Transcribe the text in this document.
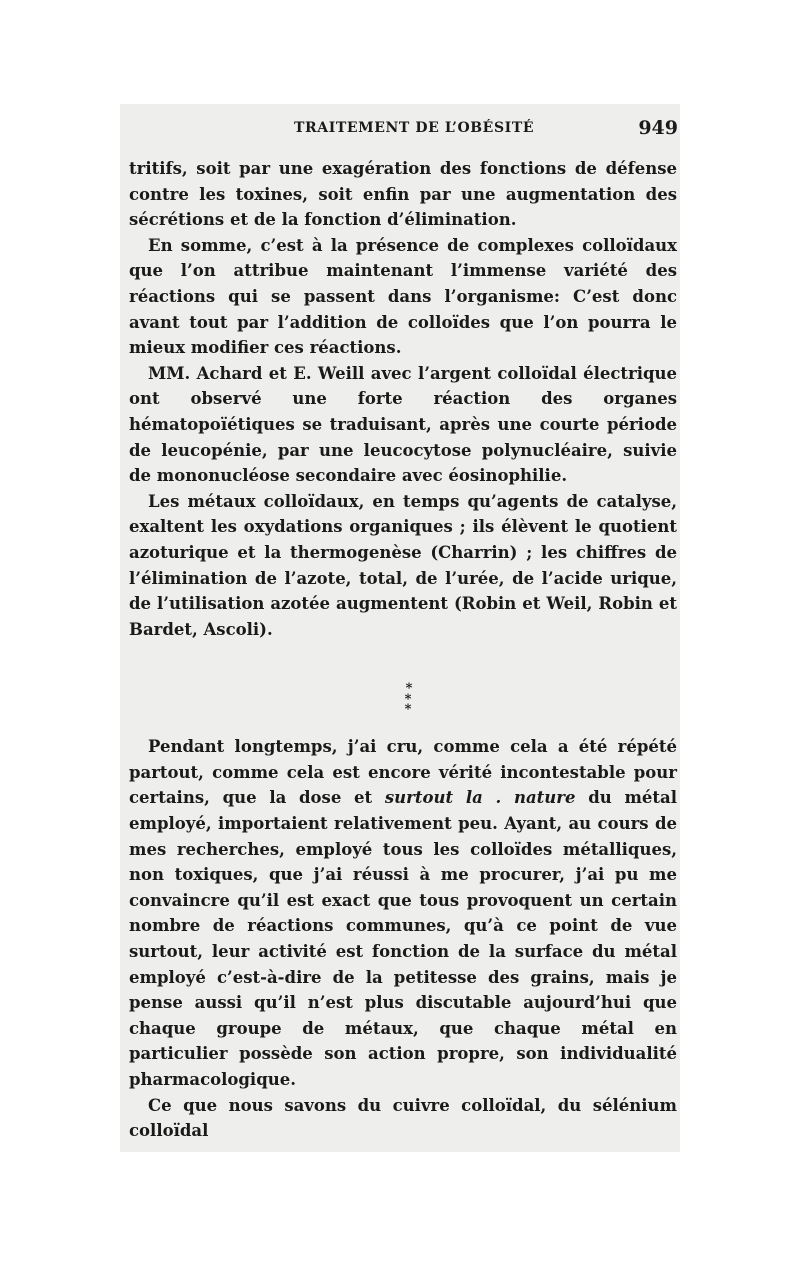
TRAITEMENT DE L’OBÉSITÉ	949

tritifs, soit par une exagération des fonctions de défense contre les toxines, soit enfin par une augmentation des sécrétions et de la fonction d’élimination.

En somme, c’est à la présence de complexes colloïdaux que l’on attribue maintenant l’immense variété des réactions qui se passent dans l’organisme: C’est donc avant tout par l’addition de colloïdes que l’on pourra le mieux modifier ces réactions.

MM. Achard et E. Weill avec l’argent colloïdal électrique ont observé une forte réaction des organes hématopoïétiques se traduisant, après une courte période de leucopénie, par une leucocytose polynucléaire, suivie de mononucléose secondaire avec éosinophilie.

Les métaux colloïdaux, en temps qu’agents de catalyse, exaltent les oxydations organiques ; ils élèvent le quotient azoturique et la thermogenèse (Charrin) ; les chiffres de l’élimination de l’azote, total, de l’urée, de l’acide urique, de l’utilisation azotée augmentent (Robin et Weil, Robin et Bardet, Ascoli).

*
* *

Pendant longtemps, j’ai cru, comme cela a été répété partout, comme cela est encore vérité incontestable pour certains, que la dose et surtout la . nature du métal employé, importaient relativement peu. Ayant, au cours de mes recherches, employé tous les colloïdes métalliques, non toxiques, que j’ai réussi à me procurer, j’ai pu me convaincre qu’il est exact que tous provoquent un certain nombre de réactions communes, qu’à ce point de vue surtout, leur activité est fonction de la surface du métal employé c’est-à-dire de la petitesse des grains, mais je pense aussi qu’il n’est plus discutable aujourd’hui que chaque groupe de métaux, que chaque métal en particulier possède son action propre, son individualité pharmacologique.

Ce que nous savons du cuivre colloïdal, du sélénium colloïdal
